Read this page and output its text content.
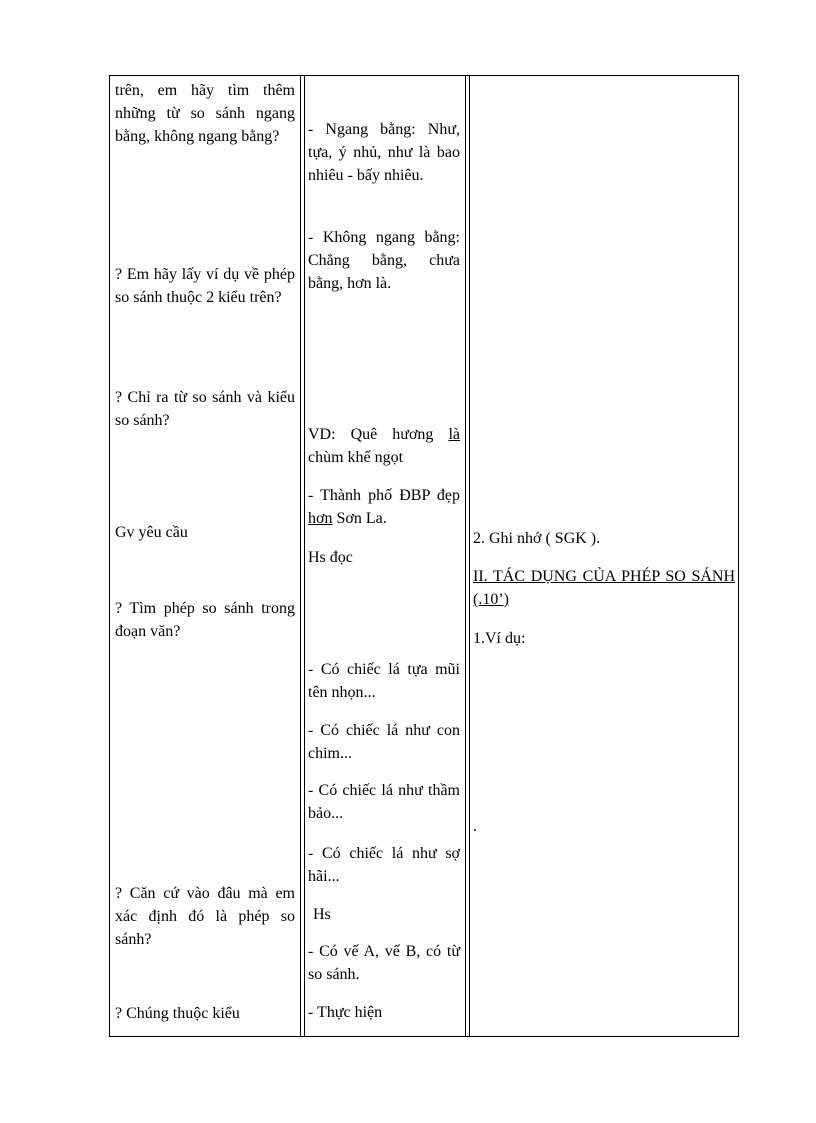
trên, em hãy tìm thêm những từ so sánh ngang bằng, không ngang bằng?
? Em hãy lấy ví dụ về phép so sánh thuộc 2 kiểu trên?
? Chỉ ra từ so sánh và kiểu so sánh?
Gv yêu cầu
? Tìm phép so sánh trong đoạn văn?
? Căn cứ vào đâu mà em xác định đó là phép so sánh?
? Chúng thuộc kiểu
- Ngang bằng: Như, tựa, ý nhủ, như là bao nhiêu - bấy nhiêu.
- Không ngang bằng: Chẳng bằng, chưa bằng, hơn là.
VD: Quê hương là chùm khế ngọt
- Thành phố ĐBP đẹp hơn Sơn La.
Hs đọc
- Có chiếc lá tựa mũi tên nhọn...
- Có chiếc lá như con chim...
- Có chiếc lá như thầm bảo...
- Có chiếc lá như sợ hãi...
Hs
- Có vế A, vế B, có từ so sánh.
- Thực hiện
2. Ghi nhớ ( SGK ).
II. TÁC DỤNG CỦA PHÉP SO SÁNH (.10’)
1.Ví dụ:
.
